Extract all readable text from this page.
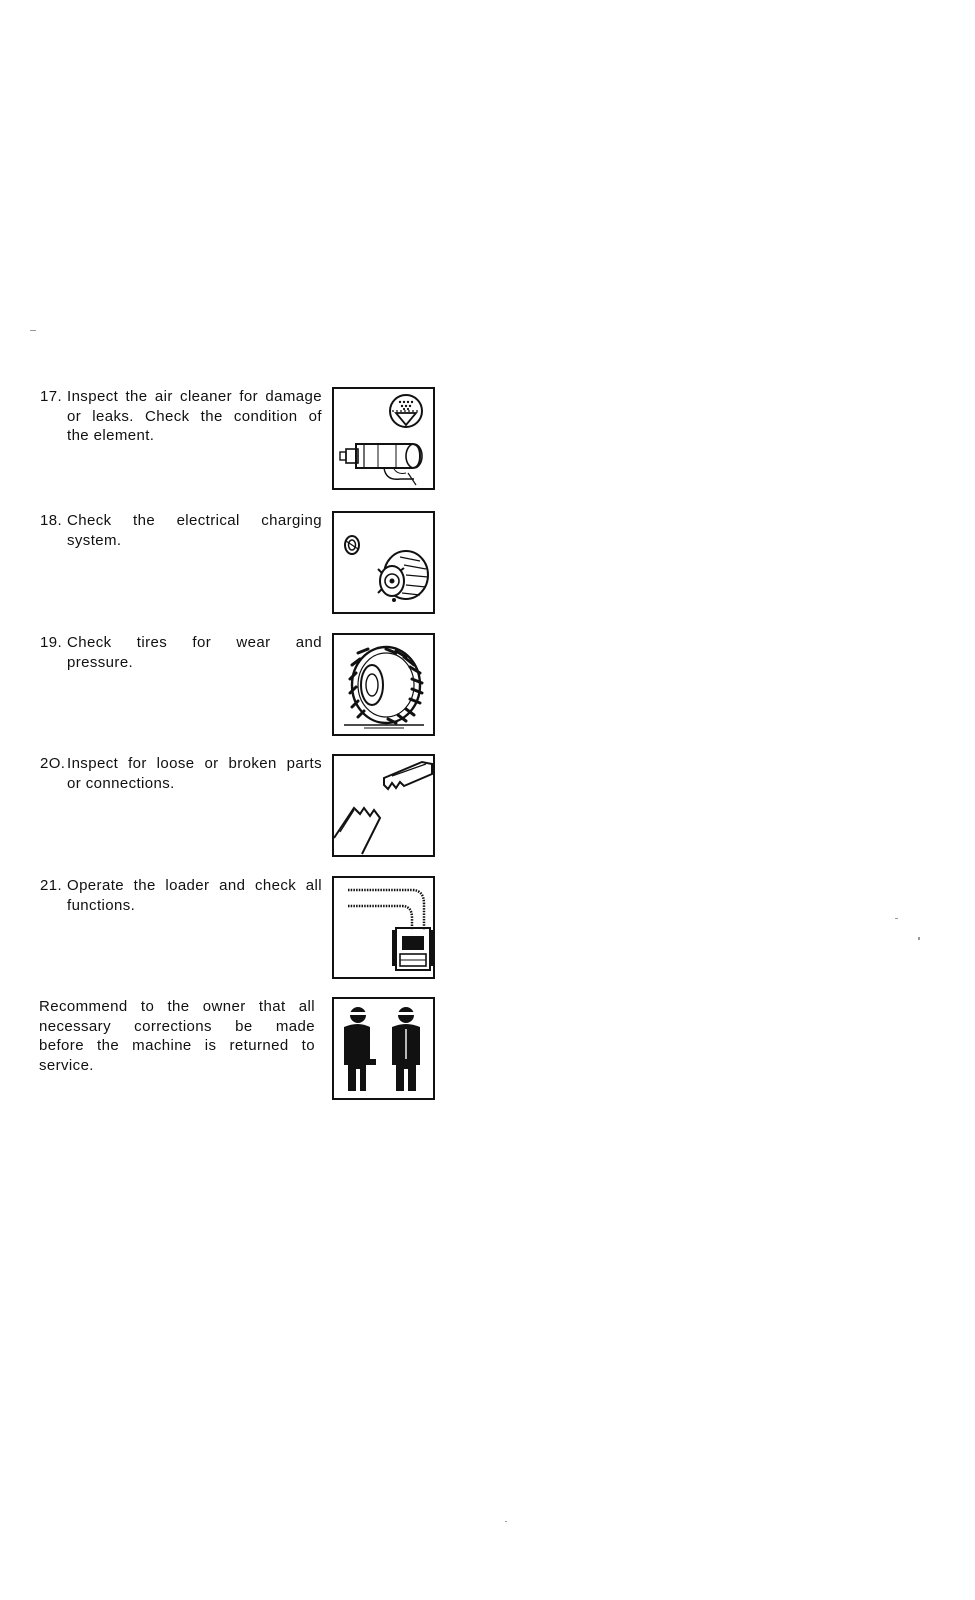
17. Inspect the air cleaner for damage
or leaks. Check the condition of
the element.
18. Check the electrical charging
system.
19. Check tires for wear and
pressure.
2O. Inspect for loose or broken parts
or connections.
21. Operate the loader and check all
functions.
Recommend to the owner that all
necessary corrections be made
before the machine is returned to
service.
